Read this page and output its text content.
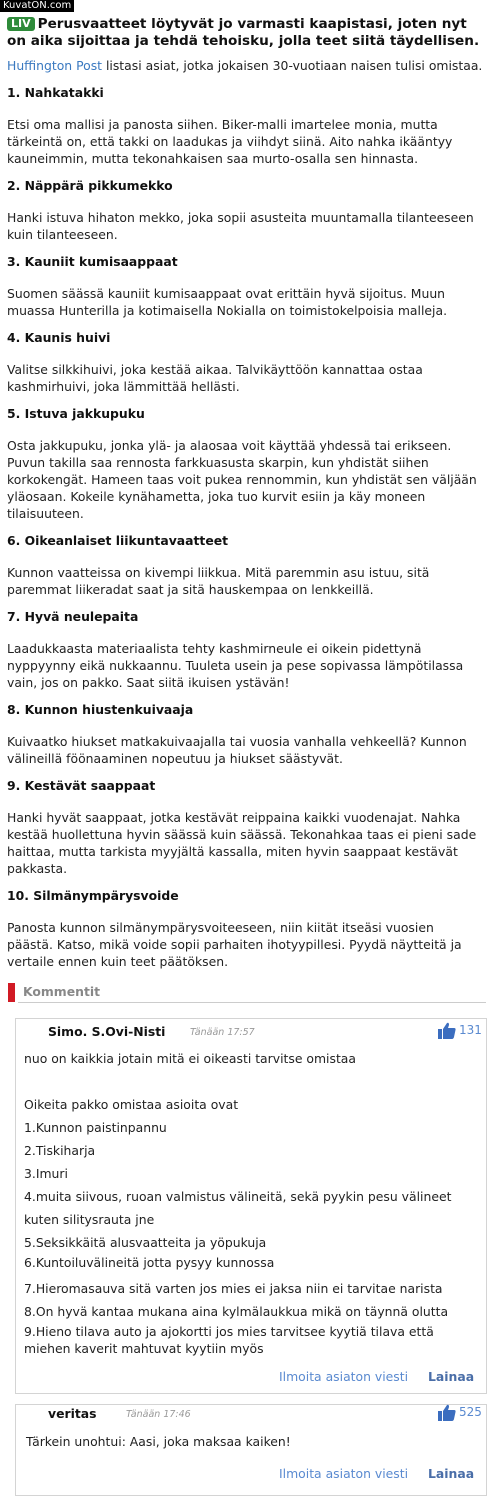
KuvatON.com

LIV Perusvaatteet löytyvät jo varmasti kaapistasi, joten nyt on aika sijoittaa ja tehdä tehoisku, jolla teet siitä täydellisen.

Huffington Post listasi asiat, jotka jokaisen 30-vuotiaan naisen tulisi omistaa.

1. Nahkatakki

Etsi oma mallisi ja panosta siihen. Biker-malli imartelee monia, mutta tärkeintä on, että takki on laadukas ja viihdyt siinä. Aito nahka ikääntyy kauneimmin, mutta tekonahkaisen saa murto-osalla sen hinnasta.

2. Näppärä pikkumekko

Hanki istuva hihaton mekko, joka sopii asusteita muuntamalla tilanteeseen kuin tilanteeseen.

3. Kauniit kumisaappaat

Suomen säässä kauniit kumisaappaat ovat erittäin hyvä sijoitus. Muun muassa Hunterilla ja kotimaisella Nokialla on toimistokelpoisia malleja.

4. Kaunis huivi

Valitse silkkihuivi, joka kestää aikaa. Talvikäyttöön kannattaa ostaa kashmirhuivi, joka lämmittää hellästi.

5. Istuva jakkupuku

Osta jakkupuku, jonka ylä- ja alaosaa voit käyttää yhdessä tai erikseen. Puvun takilla saa rennosta farkkuasusta skarpin, kun yhdistät siihen korkokengät. Hameen taas voit pukea rennommin, kun yhdistät sen väljään yläosaan. Kokeile kynähametta, joka tuo kurvit esiin ja käy moneen tilaisuuteen.

6. Oikeanlaiset liikuntavaatteet

Kunnon vaatteissa on kivempi liikkua. Mitä paremmin asu istuu, sitä paremmat liikeradat saat ja sitä hauskempaa on lenkkeillä.

7. Hyvä neulepaita

Laadukkaasta materiaalista tehty kashmirneule ei oikein pidettynä nyppyynny eikä nukkaannu. Tuuleta usein ja pese sopivassa lämpötilassa vain, jos on pakko. Saat siitä ikuisen ystävän!

8. Kunnon hiustenkuivaaja

Kuivaatko hiukset matkakuivaajalla tai vuosia vanhalla vehkeellä? Kunnon välineillä föönaaminen nopeutuu ja hiukset säästyvät.

9. Kestävät saappaat

Hanki hyvät saappaat, jotka kestävät reippaina kaikki vuodenajat. Nahka kestää huollettuna hyvin säässä kuin säässä. Tekonahkaa taas ei pieni sade haittaa, mutta tarkista myyjältä kassalla, miten hyvin saappaat kestävät pakkasta.

10. Silmänympärysvoide

Panosta kunnon silmänympärysvoiteeseen, niin kiität itseäsi vuosien päästä. Katso, mikä voide sopii parhaiten ihotyypillesi. Pyydä näytteitä ja vertaile ennen kuin teet päätöksen.

Kommentit
Simo. S.Ovi-Nisti	Tänään 17:57	131

nuo on kaikkia jotain mitä ei oikeasti tarvitse omistaa

Oikeita pakko omistaa asioita ovat

1.Kunnon paistinpannu

2.Tiskiharja

3.Imuri

4.muita siivous, ruoan valmistus välineitä, sekä pyykin pesu välineet kuten silitysrauta jne

5.Seksikkäitä alusvaatteita ja yöpukuja

6.Kuntoiluvälineitä jotta pysyy kunnossa

7.Hieromasauva sitä varten jos mies ei jaksa niin ei tarvitae narista

8.On hyvä kantaa mukana aina kylmälaukkua mikä on täynnä olutta

9.Hieno tilava auto ja ajokortti jos mies tarvitsee kyytiä tilava että miehen kaverit mahtuvat kyytiin myös

Ilmoita asiaton viesti Lainaa
veritas	Tänään 17:46	525

Tärkein unohtui: Aasi, joka maksaa kaiken!

Ilmoita asiaton viesti Lainaa
